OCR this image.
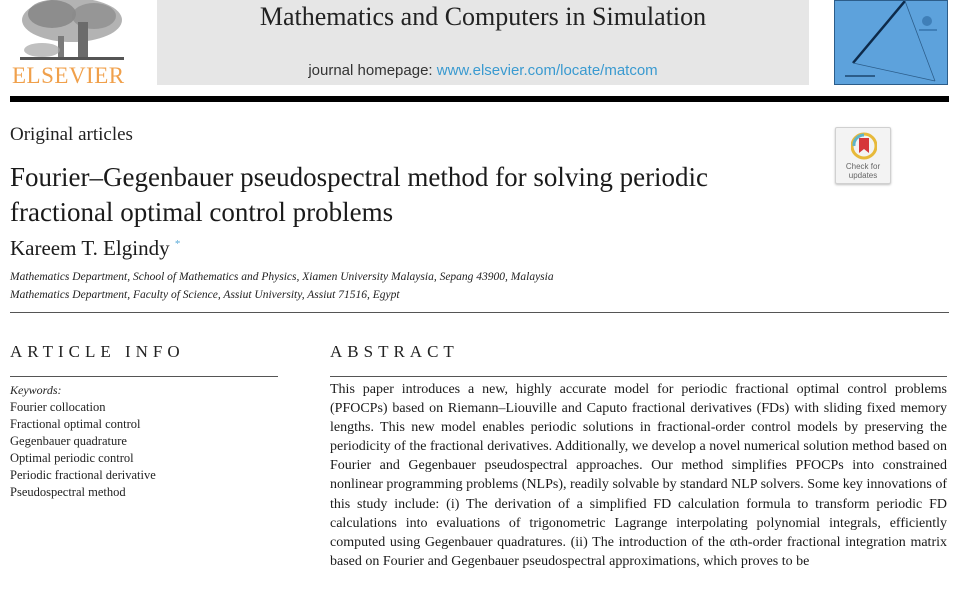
ELSEVIER
Mathematics and Computers in Simulation
journal homepage: www.elsevier.com/locate/matcom
Original articles
Check for updates
Fourier–Gegenbauer pseudospectral method for solving periodic
fractional optimal control problems
Kareem T. Elgindy *
Mathematics Department, School of Mathematics and Physics, Xiamen University Malaysia, Sepang 43900, Malaysia
Mathematics Department, Faculty of Science, Assiut University, Assiut 71516, Egypt
ARTICLE INFO
Keywords:
Fourier collocation
Fractional optimal control
Gegenbauer quadrature
Optimal periodic control
Periodic fractional derivative
Pseudospectral method
ABSTRACT
This paper introduces a new, highly accurate model for periodic fractional optimal control problems (PFOCPs) based on Riemann–Liouville and Caputo fractional derivatives (FDs) with sliding fixed memory lengths. This new model enables periodic solutions in fractional-order control models by preserving the periodicity of the fractional derivatives. Additionally, we develop a novel numerical solution method based on Fourier and Gegenbauer pseudospectral approaches. Our method simplifies PFOCPs into constrained nonlinear programming problems (NLPs), readily solvable by standard NLP solvers. Some key innovations of this study include: (i) The derivation of a simplified FD calculation formula to transform periodic FD calculations into evaluations of trigonometric Lagrange interpolating polynomial integrals, efficiently computed using Gegenbauer quadratures. (ii) The introduction of the αth-order fractional integration matrix based on Fourier and Gegenbauer pseudospectral approximations, which proves to be
